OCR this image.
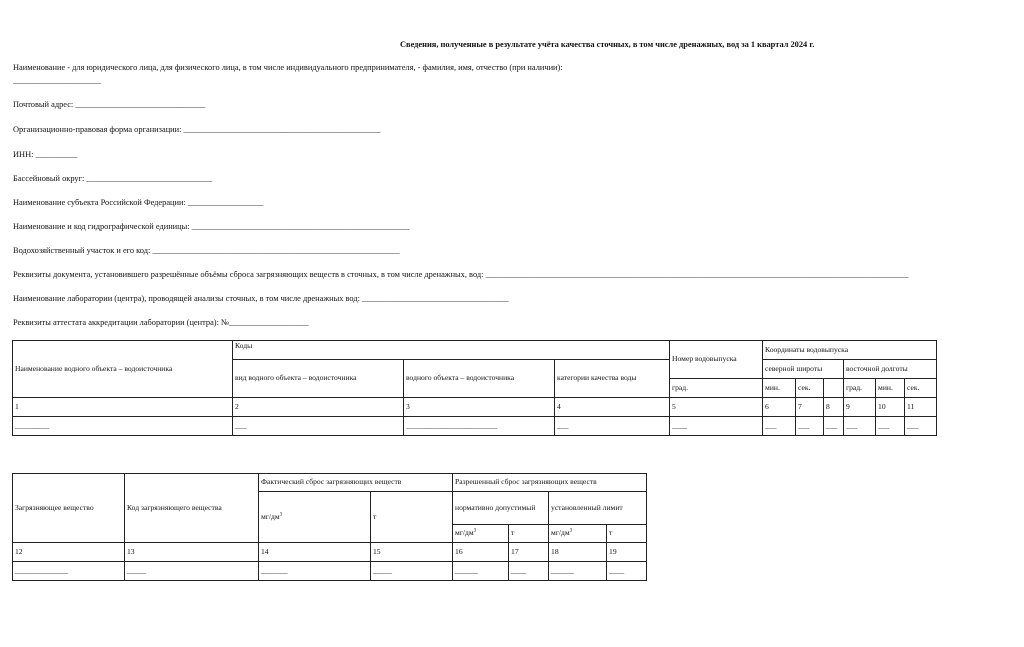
Сведения, полученные в результате учёта качества сточных, в том числе дренажных, вод за 1 квартал 2024 г.
Наименование - для юридического лица, для физического лица, в том числе индивидуального предпринимателя, - фамилия, имя, отчество (при наличии):
_____________________
Почтовый адрес: _______________________________
Организационно-правовая форма организации: _______________________________________________
ИНН: __________
Бассейновый округ: ______________________________
Наименование субъекта Российской Федерации: __________________
Наименование и код гидрографической единицы: ____________________________________________________
Водохозяйственный участок и его код: ___________________________________________________________
Реквизиты документа, установившего разрешённые объёмы сброса загрязняющих веществ в сточных, в том числе дренажных, вод: _____________________________________________________________________________________________________
Наименование лаборатории (центра), проводящей анализы сточных, в том числе дренажных вод: ___________________________________
Реквизиты аттестата аккредитации лаборатории (центра): №___________________
Наименование водного объекта – водоисточника	Коды			Номер водовыпуска	Координаты водовыпуска					
	вид водного объекта – водоисточника	водного объекта – водоисточника	категории качества воды		северной широты			восточной долготы		
				град.	мин.	сек.		град.	мин.	сек.
1	2	3	4	5	6	7	8	9	10	11
_________	___	________________________	___	____	___	___	___	___	___	___
Загрязняющее вещество	Код загрязняющего вещества	Фактический сброс загрязняющих веществ		Разрешенный сброс загрязняющих веществ			
		$мг/дм^3$	т	нормативно допустимый		установленный лимит	
				$мг/дм^3$	т	$мг/дм^3$	т
12	13	14	15	16	17	18	19
______________	_____	_______	_____	______	____	______	____
